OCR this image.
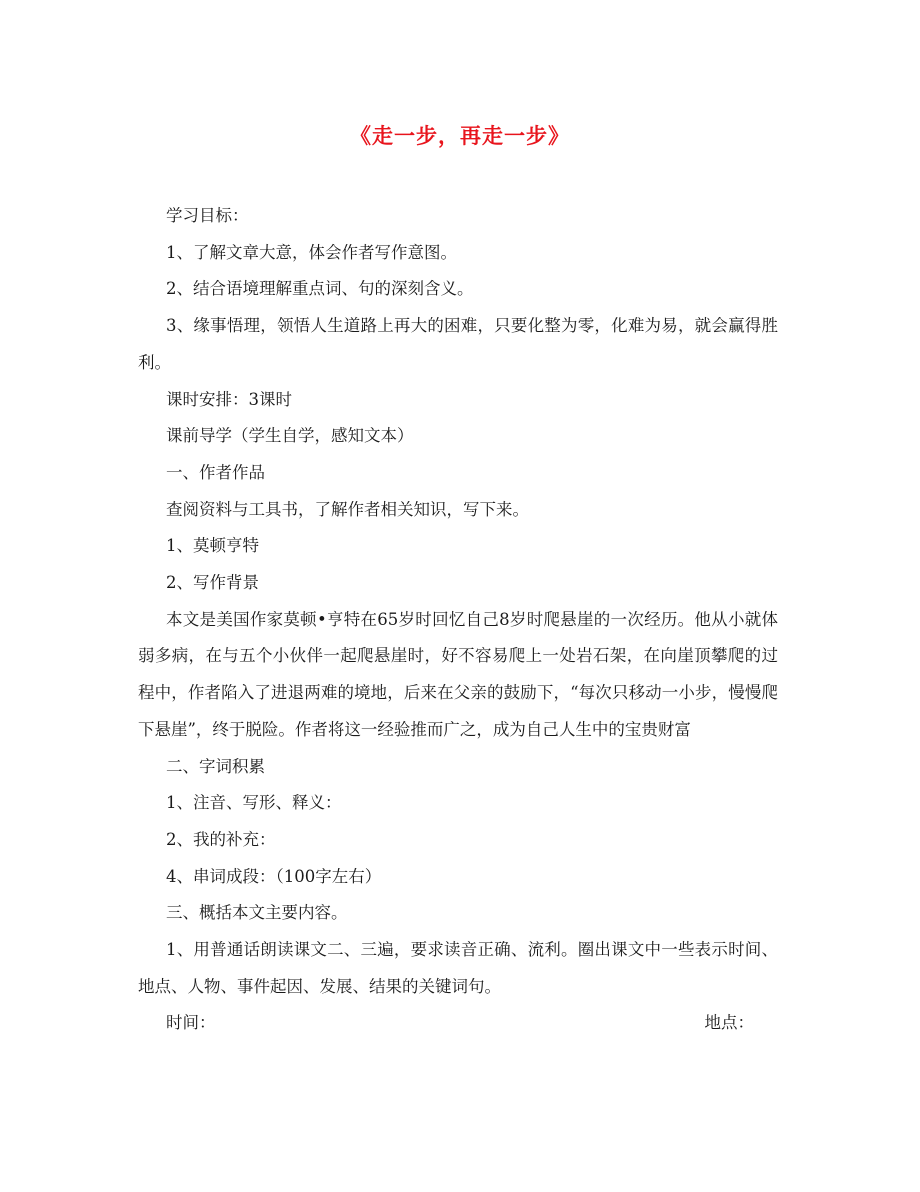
《走一步，再走一步》

学习目标：

1、了解文章大意，体会作者写作意图。

2、结合语境理解重点词、句的深刻含义。

3、缘事悟理，领悟人生道路上再大的困难，只要化整为零，化难为易，就会赢得胜利。

课时安排：3课时

课前导学（学生自学，感知文本）

一、作者作品

查阅资料与工具书，了解作者相关知识，写下来。

1、莫顿亨特

2、写作背景

本文是美国作家莫顿•亨特在65岁时回忆自己8岁时爬悬崖的一次经历。他从小就体弱多病，在与五个小伙伴一起爬悬崖时，好不容易爬上一处岩石架，在向崖顶攀爬的过程中，作者陷入了进退两难的境地，后来在父亲的鼓励下，“每次只移动一小步，慢慢爬下悬崖”，终于脱险。作者将这一经验推而广之，成为自己人生中的宝贵财富

二、字词积累

1、注音、写形、释义：

2、我的补充：

4、串词成段：（100字左右）

三、概括本文主要内容。

1、用普通话朗读课文二、三遍，要求读音正确、流利。圈出课文中一些表示时间、地点、人物、事件起因、发展、结果的关键词句。

时间：	地点：
